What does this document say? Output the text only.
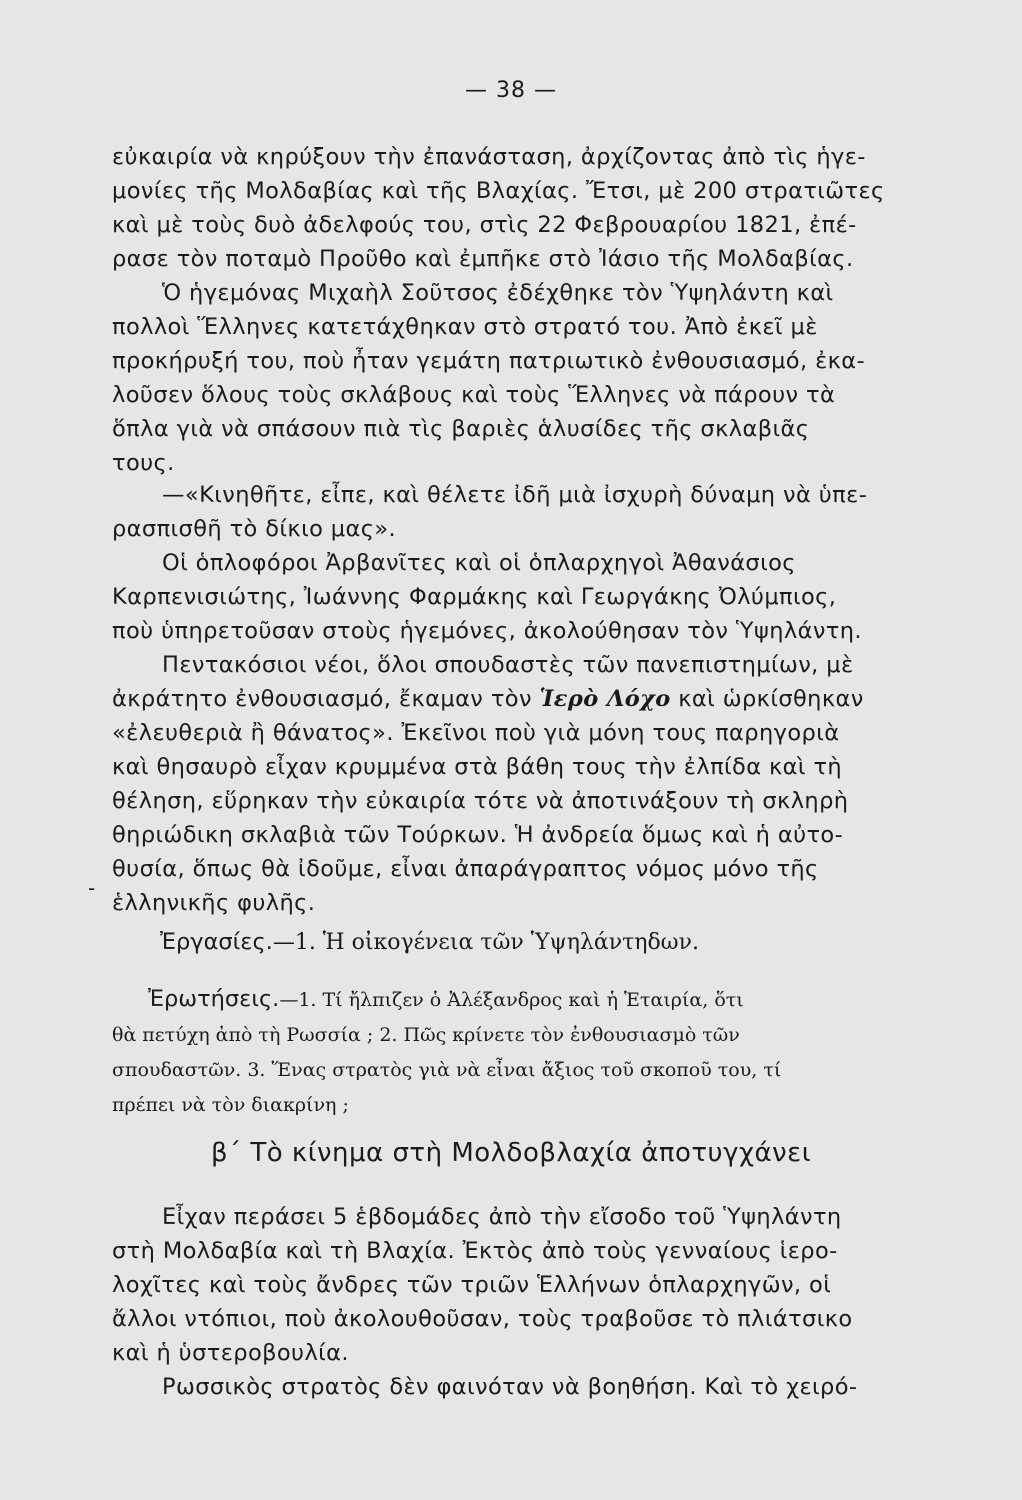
— 38 —
εὐκαιρία νὰ κηρύξουν τὴν ἐπανάσταση, ἀρχίζοντας ἀπὸ τὶς ἡγε-
μονίες τῆς Μολδαβίας καὶ τῆς Βλαχίας. Ἔτσι, μὲ 200 στρατιῶτες
καὶ μὲ τοὺς δυὸ ἀδελφούς του, στὶς 22 Φεβρουαρίου 1821, ἐπέ-
ρασε τὸν ποταμὸ Προῦθο καὶ ἐμπῆκε στὸ Ἰάσιο τῆς Μολδαβίας.
Ὁ ἡγεμόνας Μιχαὴλ Σοῦτσος ἐδέχθηκε τὸν Ὑψηλάντη καὶ
πολλοὶ Ἕλληνες κατετάχθηκαν στὸ στρατό του. Ἀπὸ ἐκεῖ μὲ
προκήρυξή του, ποὺ ἦταν γεμάτη πατριωτικὸ ἐνθουσιασμό, ἐκα-
λοῦσεν ὅλους τοὺς σκλάβους καὶ τοὺς Ἕλληνες νὰ πάρουν τὰ
ὅπλα γιὰ νὰ σπάσουν πιὰ τὶς βαριὲς ἁλυσίδες τῆς σκλαβιᾶς
τους.
—«Κινηθῆτε, εἶπε, καὶ θέλετε ἰδῆ μιὰ ἰσχυρὴ δύναμη νὰ ὑπε-
ρασπισθῆ τὸ δίκιο μας».
Οἱ ὁπλοφόροι Ἀρβανῖτες καὶ οἱ ὁπλαρχηγοὶ Ἀθανάσιος
Καρπενισιώτης, Ἰωάννης Φαρμάκης καὶ Γεωργάκης Ὀλύμπιος,
ποὺ ὑπηρετοῦσαν στοὺς ἡγεμόνες, ἀκολούθησαν τὸν Ὑψηλάντη.
Πεντακόσιοι νέοι, ὅλοι σπουδαστὲς τῶν πανεπιστημίων, μὲ
ἀκράτητο ἐνθουσιασμό, ἔκαμαν τὸν Ἱερὸ Λόχο καὶ ὡρκίσθηκαν
«ἐλευθεριὰ ἢ θάνατος». Ἐκεῖνοι ποὺ γιὰ μόνη τους παρηγοριὰ
καὶ θησαυρὸ εἶχαν κρυμμένα στὰ βάθη τους τὴν ἐλπίδα καὶ τὴ
θέληση, εὕρηκαν τὴν εὐκαιρία τότε νὰ ἀποτινάξουν τὴ σκληρὴ
θηριώδικη σκλαβιὰ τῶν Τούρκων. Ἡ ἀνδρεία ὅμως καὶ ἡ αὐτο-
θυσία, ὅπως θὰ ἰδοῦμε, εἶναι ἀπαράγραπτος νόμος μόνο τῆς
ἑλληνικῆς φυλῆς.
-
Ἐργασίες.—1. Ἡ οἰκογένεια τῶν Ὑψηλάντηδων.
Ἐρωτήσεις.—1. Τί ἤλπιζεν ὁ Ἀλέξανδρος καὶ ἡ Ἑταιρία, ὅτι
θὰ πετύχη ἀπὸ τὴ Ρωσσία ; 2. Πῶς κρίνετε τὸν ἐνθουσιασμὸ τῶν
σπουδαστῶν. 3. Ἕνας στρατὸς γιὰ νὰ εἶναι ἄξιος τοῦ σκοποῦ του, τί
πρέπει νὰ τὸν διακρίνη ;
β΄ Τὸ κίνημα στὴ Μολδοβλαχία ἀποτυγχάνει
Εἶχαν περάσει 5 ἑβδομάδες ἀπὸ τὴν εἴσοδο τοῦ Ὑψηλάντη
στὴ Μολδαβία καὶ τὴ Βλαχία. Ἐκτὸς ἀπὸ τοὺς γενναίους ἱερο-
λοχῖτες καὶ τοὺς ἄνδρες τῶν τριῶν Ἑλλήνων ὁπλαρχηγῶν, οἱ
ἄλλοι ντόπιοι, ποὺ ἀκολουθοῦσαν, τοὺς τραβοῦσε τὸ πλιάτσικο
καὶ ἡ ὑστεροβουλία.
Ρωσσικὸς στρατὸς δὲν φαινόταν νὰ βοηθήση. Καὶ τὸ χειρό-
